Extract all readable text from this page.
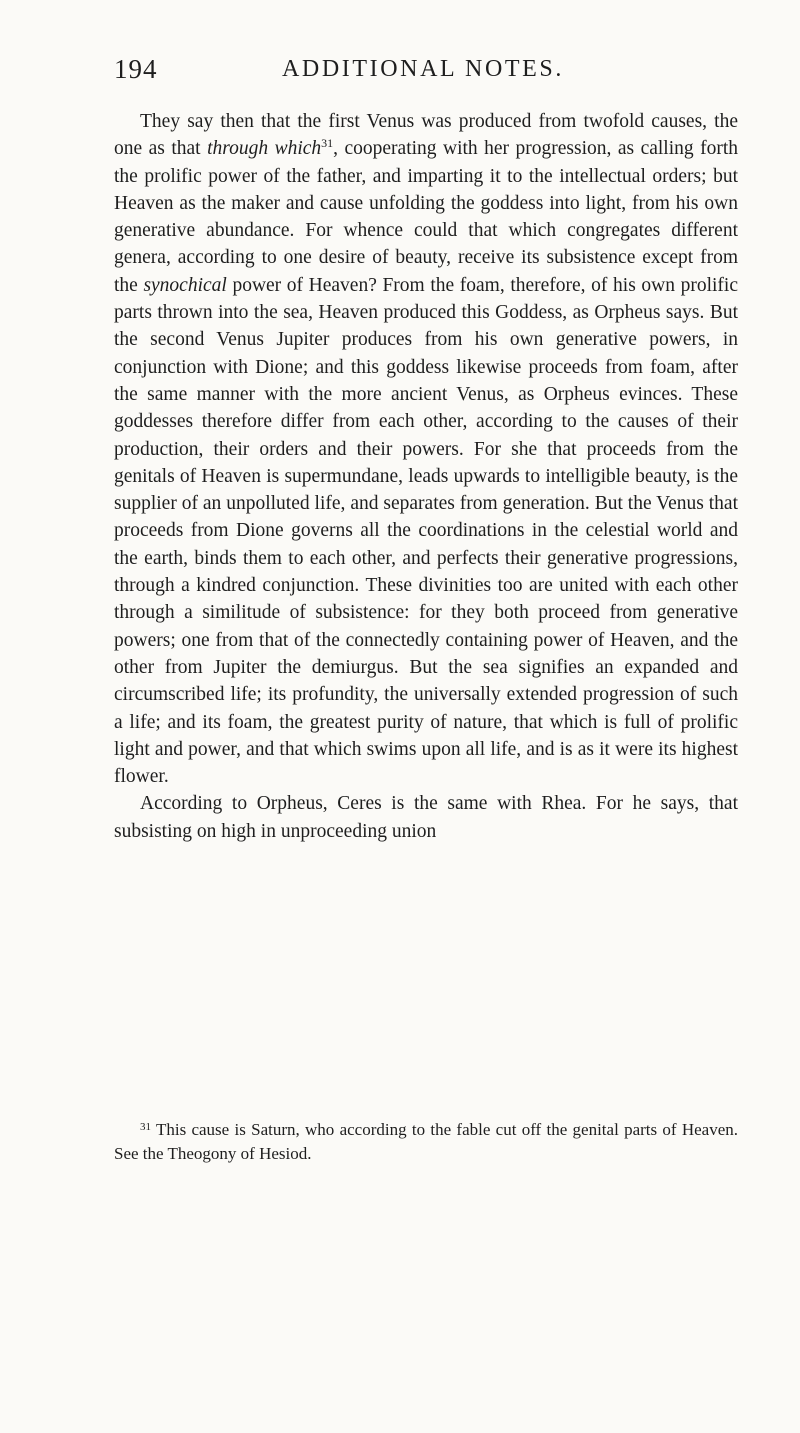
194	ADDITIONAL NOTES.

They say then that the first Venus was produced from twofold causes, the one as that through which$^{31}$, cooperating with her progression, as calling forth the prolific power of the father, and imparting it to the intellectual orders; but Heaven as the maker and cause unfolding the goddess into light, from his own generative abundance. For whence could that which congregates different genera, according to one desire of beauty, receive its subsistence except from the synochical power of Heaven? From the foam, therefore, of his own prolific parts thrown into the sea, Heaven produced this Goddess, as Orpheus says. But the second Venus Jupiter produces from his own generative powers, in conjunction with Dione; and this goddess likewise proceeds from foam, after the same manner with the more ancient Venus, as Orpheus evinces. These goddesses therefore differ from each other, according to the causes of their production, their orders and their powers. For she that proceeds from the genitals of Heaven is supermundane, leads upwards to intelligible beauty, is the supplier of an unpolluted life, and separates from generation. But the Venus that proceeds from Dione governs all the coordinations in the celestial world and the earth, binds them to each other, and perfects their generative progressions, through a kindred conjunction. These divinities too are united with each other through a similitude of subsistence: for they both proceed from generative powers; one from that of the connectedly containing power of Heaven, and the other from Jupiter the demiurgus. But the sea signifies an expanded and circumscribed life; its profundity, the universally extended progression of such a life; and its foam, the greatest purity of nature, that which is full of prolific light and power, and that which swims upon all life, and is as it were its highest flower.

According to Orpheus, Ceres is the same with Rhea. For he says, that subsisting on high in unproceeding union

$^{31}$ This cause is Saturn, who according to the fable cut off the genital parts of Heaven. See the Theogony of Hesiod.
